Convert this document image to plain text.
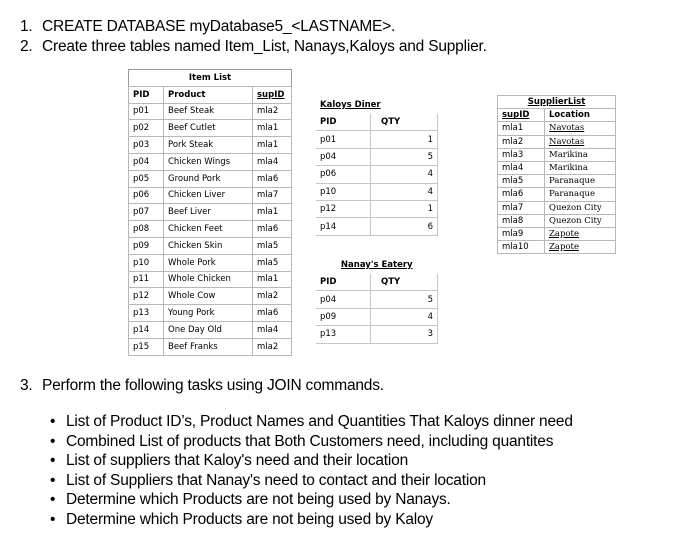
1. CREATE DATABASE myDatabase5_<LASTNAME>.
2. Create three tables named Item_List, Nanays,Kaloys and Supplier.
Item List		
PID	Product	supID
p01	Beef Steak	mla2
p02	Beef Cutlet	mla1
p03	Pork Steak	mla1
p04	Chicken Wings	mla4
p05	Ground Pork	mla6
p06	Chicken Liver	mla7
p07	Beef Liver	mla1
p08	Chicken Feet	mla6
p09	Chicken Skin	mla5
p10	Whole Pork	mla5
p11	Whole Chicken	mla1
p12	Whole Cow	mla2
p13	Young Pork	mla6
p14	One Day Old	mla4
p15	Beef Franks	mla2
Kaloys Diner	
PID	QTY
p01	1
p04	5
p06	4
p10	4
p12	1
p14	6
Nanay's Eatery	
PID	QTY
p04	5
p09	4
p13	3
SupplierList	
supID	Location
mla1	Navotas
mla2	Navotas
mla3	Marikina
mla4	Marikina
mla5	Paranaque
mla6	Paranaque
mla7	Quezon City
mla8	Quezon City
mla9	Zapote
mla10	Zapote
3. Perform the following tasks using JOIN commands.
• List of Product ID’s, Product Names and Quantities That Kaloys dinner need
• Combined List of products that Both Customers need, including quantites
• List of suppliers that Kaloy's need and their location
• List of Suppliers that Nanay's need to contact and their location
• Determine which Products are not being used by Nanays.
• Determine which Products are not being used by Kaloy
